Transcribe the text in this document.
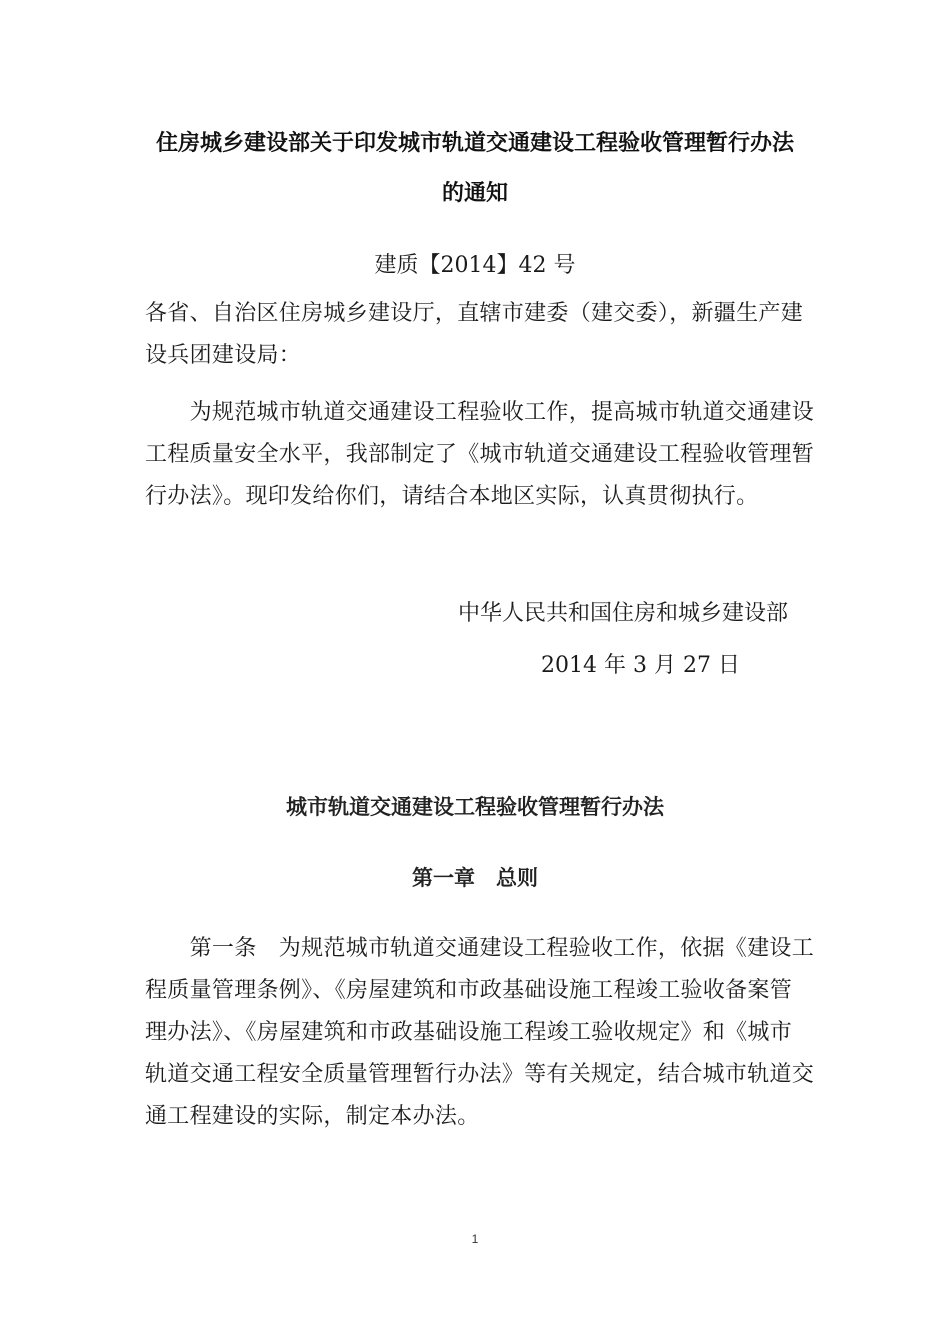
住房城乡建设部关于印发城市轨道交通建设工程验收管理暂行办法
的通知
建质【2014】42 号
各省、自治区住房城乡建设厅，直辖市建委（建交委），新疆生产建
设兵团建设局：
　　为规范城市轨道交通建设工程验收工作，提高城市轨道交通建设
工程质量安全水平，我部制定了《城市轨道交通建设工程验收管理暂
行办法》。现印发给你们，请结合本地区实际，认真贯彻执行。
中华人民共和国住房和城乡建设部
2014 年 3 月 27 日
城市轨道交通建设工程验收管理暂行办法
第一章　总则
　　第一条　为规范城市轨道交通建设工程验收工作，依据《建设工
程质量管理条例》、《房屋建筑和市政基础设施工程竣工验收备案管
理办法》、《房屋建筑和市政基础设施工程竣工验收规定》和《城市
轨道交通工程安全质量管理暂行办法》等有关规定，结合城市轨道交
通工程建设的实际，制定本办法。
1
